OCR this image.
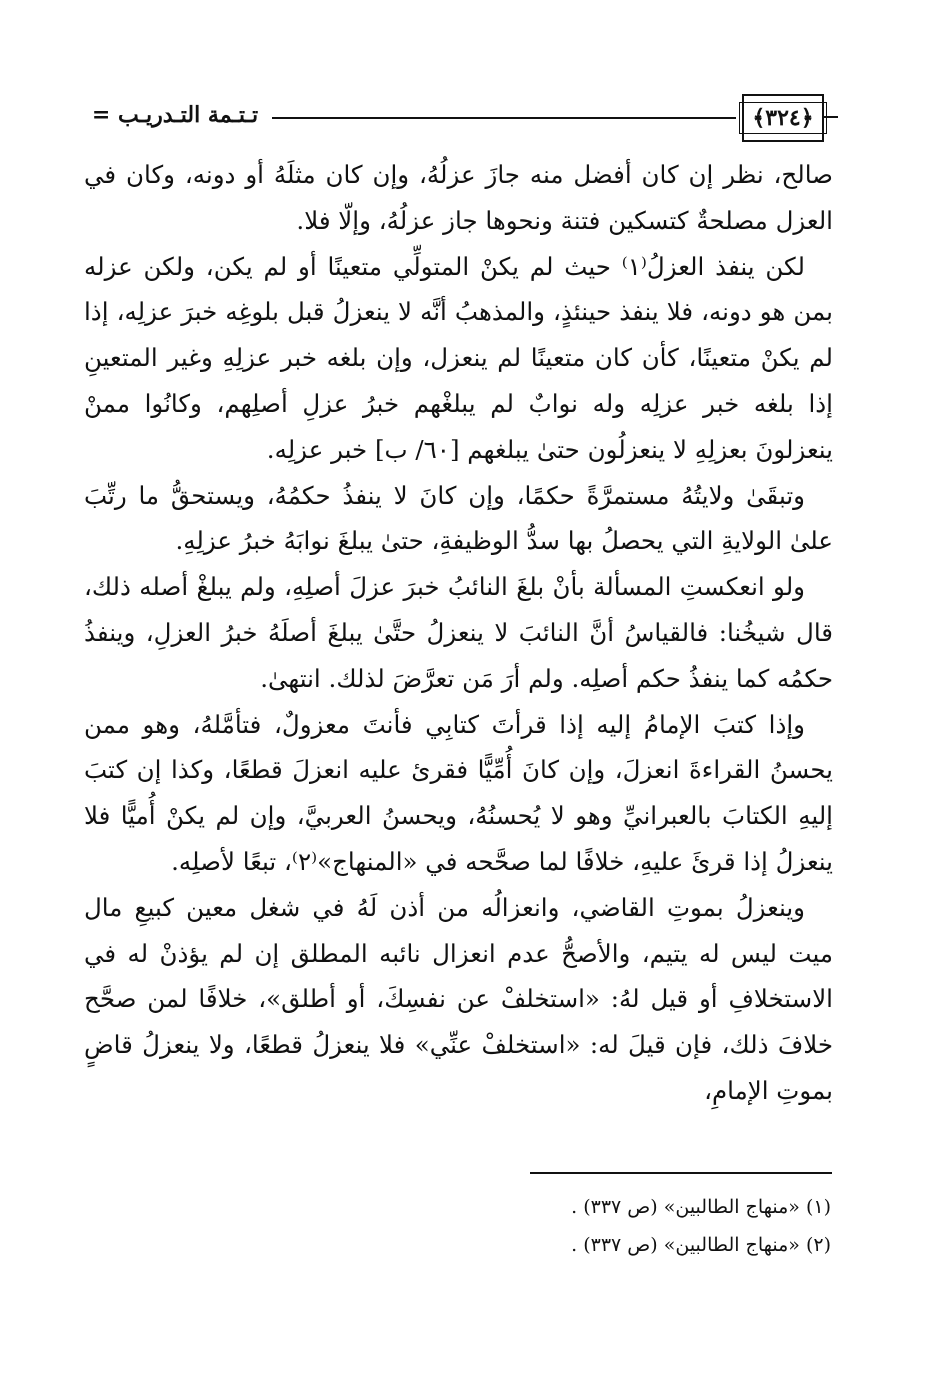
﴿٣٢٤﴾
تـتـمة التـدريـب =

صالح، نظر إن كان أفضل منه جازَ عزلُهُ، وإن كان مثلَهُ أو دونه، وكان في العزل مصلحةٌ كتسكين فتنة ونحوها جاز عزلُهُ، وإلّا فلا.

لكن ينفذ العزلُ⁽١⁾ حيث لم يكنْ المتولِّي متعينًا أو لم يكن، ولكن عزله بمن هو دونه، فلا ينفذ حينئذٍ، والمذهبُ أنَّه لا ينعزلُ قبل بلوغِه خبرَ عزلِه، إذا لم يكنْ متعينًا، كأن كان متعينًا لم ينعزل، وإن بلغه خبر عزلِهِ وغير المتعينِ إذا بلغه خبر عزلِه وله نوابٌ لم يبلغْهم خبرُ عزلِ أصلِهم، وكانُوا ممنْ ينعزلونَ بعزلِهِ لا ينعزلُون حتىٰ يبلغهم [٦٠/ ب] خبر عزلِه.

وتبقَىٰ ولايتُهُ مستمرَّةً حكمًا، وإن كانَ لا ينفذُ حكمُهُ، ويستحقُّ ما رتِّبَ علىٰ الولايةِ التي يحصلُ بها سدُّ الوظيفةِ، حتىٰ يبلغَ نوابَهُ خبرُ عزلِهِ.

ولو انعكستِ المسألة بأنْ بلغَ النائبُ خبرَ عزلَ أصلِهِ، ولم يبلغْ أصله ذلك، قال شيخُنا: فالقياسُ أنَّ النائبَ لا ينعزلُ حتَّىٰ يبلغَ أصلَهُ خبرُ العزلِ، وينفذُ حكمُه كما ينفذُ حكم أصلِه. ولم أرَ مَن تعرَّضَ لذلك. انتهىٰ.

وإذا كتبَ الإمامُ إليه إذا قرأتَ كتابِي فأنتَ معزولٌ، فتأمَّلهُ، وهو ممن يحسنُ القراءةَ انعزلَ، وإن كانَ أُمِّيًّا فقرئ عليه انعزلَ قطعًا، وكذا إن كتبَ إليهِ الكتابَ بالعبرانيِّ وهو لا يُحسنُهُ، ويحسنُ العربيَّ، وإن لم يكنْ أُميًّا فلا ينعزلُ إذا قرئَ عليهِ، خلافًا لما صحَّحه في «المنهاج»⁽٢⁾، تبعًا لأصلِه.

وينعزلُ بموتِ القاضي، وانعزالُه من أذن لَهُ في شغل معين كبيعِ مال ميت ليس له يتيم، والأصحُّ عدم انعزال نائبه المطلق إن لم يؤذنْ له في الاستخلافِ أو قيل لهُ: «استخلفْ عن نفسِكَ، أو أطلق»، خلافًا لمن صحَّح خلافَ ذلك، فإن قيلَ له: «استخلفْ عنِّي» فلا ينعزلُ قطعًا، ولا ينعزلُ قاضٍ بموتِ الإمامِ،

(١) «منهاج الطالبين» (ص ٣٣٧) .
(٢) «منهاج الطالبين» (ص ٣٣٧) .
